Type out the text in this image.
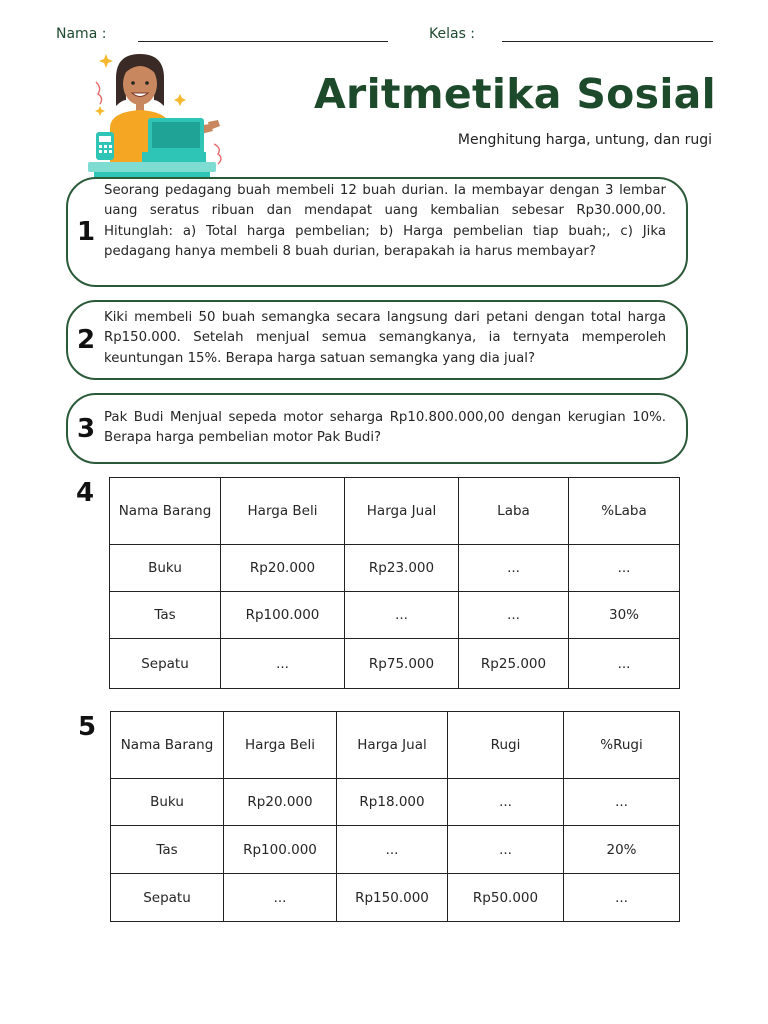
Nama :	Kelas :
Aritmetika Sosial
Menghitung harga, untung, dan rugi
1
Seorang pedagang buah membeli 12 buah durian. Ia membayar dengan 3 lembar uang seratus ribuan dan mendapat uang kembalian sebesar Rp30.000,00. Hitunglah: a) Total harga pembelian; b) Harga pembelian tiap buah;, c) Jika pedagang hanya membeli 8 buah durian, berapakah ia harus membayar?
2
Kiki membeli 50 buah semangka secara langsung dari petani dengan total harga Rp150.000. Setelah menjual semua semangkanya, ia ternyata memperoleh keuntungan 15%. Berapa harga satuan semangka yang dia jual?
3 Pak Budi Menjual sepeda motor seharga Rp10.800.000,00 dengan kerugian 10%. Berapa harga pembelian motor Pak Budi?
4
Nama Barang	Harga Beli	Harga Jual	Laba	%Laba
Buku	Rp20.000	Rp23.000	...	...
Tas	Rp100.000	...	...	30%
Sepatu	...	Rp75.000	Rp25.000	...
5
Nama Barang	Harga Beli	Harga Jual	Rugi	%Rugi
Buku	Rp20.000	Rp18.000	...	...
Tas	Rp100.000	...	...	20%
Sepatu	...	Rp150.000	Rp50.000	...
